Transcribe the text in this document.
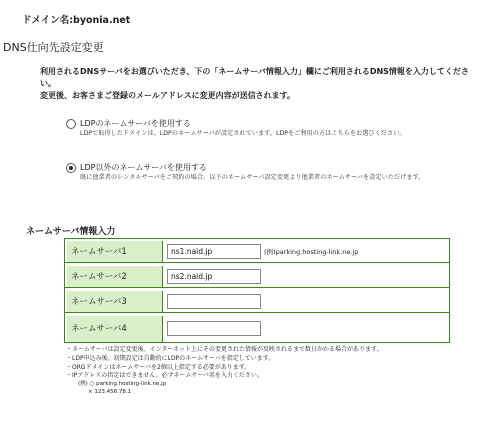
ドメイン名:byonia.net
DNS仕向先設定変更

利用されるDNSサーバをお選びいただき、下の「ネームサーバ情報入力」欄にご利用されるDNS情報を入力してください。

変更後、お客さまご登録のメールアドレスに変更内容が送信されます。

LDPのネームサーバを使用する
LDPで取得したドメインは、LDPのネームサーバが設定されています。LDPをご利用の方はこちらをお選びください。
LDP以外のネームサーバを使用する
既に他業者のレンタルサーバをご契約の場合、以下のネームサーバ設定変更より他業者のネームサーバを設定いただけます。
ネームサーバ情報入力
ネームサーバ1
ns1.naid.jp	(例)parking.hosting-link.ne.jp
ネームサーバ2
ns2.naid.jp
ネームサーバ3
ネームサーバ4
・ ネームサーバは設定変更後、インターネット上にその変更された情報が反映されるまで数日かかる場合があります。
・ LDP申込み後、初期設定は自動的にLDPのネームサーバを指定しています。
・ ORGドメインはネームサーバを2個以上指定する必要があります。
・ IPアドレスの指定はできません。必ずネームサーバ名を入力ください。
(例) ○ parking.hosting-link.ne.jp
× 123.456.78.1
